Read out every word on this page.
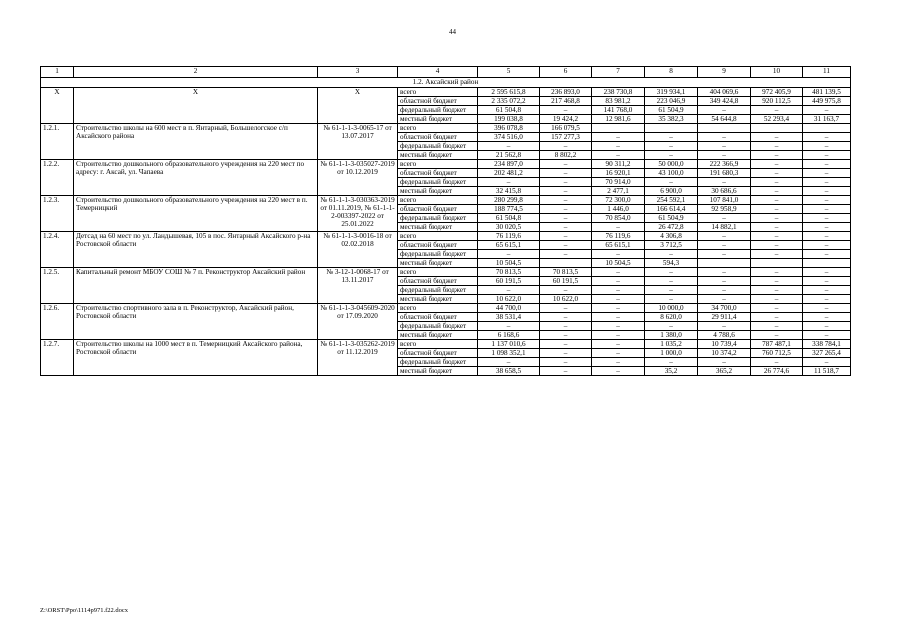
44
1	2	3	4	5	6	7	8	9	10	11
1.2. Аксайский район										
X	X	X	всего	2 595 615,8	236 893,0	238 730,8	319 934,1	404 069,6	972 405,9	481 139,5
			областной бюджет	2 335 072,2	217 468,8	83 981,2	223 046,9	349 424,8	920 112,5	449 975,8
			федеральный бюджет	61 504,8	–	141 768,0	61 504,9	–	–	–
			местный бюджет	199 038,8	19 424,2	12 981,6	35 382,3	54 644,8	52 293,4	31 163,7
1.2.1.	Строительство школы на 600 мест в п. Янтарный, Большелогское с/п Аксайского района	№ 61-1-1-3-0065-17 от 13.07.2017	всего	396 078,8	166 079,5					
			областной бюджет	374 516,0	157 277,3	–	–	–	–	–
			федеральный бюджет	–	–	–	–	–	–	–
			местный бюджет	21 562,8	8 802,2	–	–	–	–	–
1.2.2.	Строительство дошкольного образовательного учреждения на 220 мест по адресу: г. Аксай, ул. Чапаева	№ 61-1-1-3-035027-2019 от 10.12.2019	всего	234 897,0	–	90 311,2	50 000,0	222 366,9	–	–
			областной бюджет	202 481,2	–	16 920,1	43 100,0	191 680,3	–	–
			федеральный бюджет	–	–	70 914,0	–	–	–	–
			местный бюджет	32 415,8	–	2 477,1	6 900,0	30 686,6	–	–
1.2.3.	Строительство дошкольного образовательного учреждения на 220 мест в п. Темерницкий	№ 61-1-1-3-030363-2019 от 01.11.2019, № 61-1-1-2-003397-2022 от 25.01.2022	всего	280 299,8	–	72 300,0	254 592,1	107 841,0	–	–
			областной бюджет	188 774,5	–	1 446,0	166 614,4	92 958,9	–	–
			федеральный бюджет	61 504,8	–	70 854,0	61 504,9	–	–	–
			местный бюджет	30 020,5	–	–	26 472,8	14 882,1	–	–
1.2.4.	Детсад на 60 мест по ул. Ландышевая, 105 в пос. Янтарный Аксайского р-на Ростовской области	№ 61-1-1-3-0016-18 от 02.02.2018	всего	76 119,6	–	76 119,6	4 306,8	–	–	–
			областной бюджет	65 615,1	–	65 615,1	3 712,5	–	–	–
			федеральный бюджет	–	–	–	–	–	–	–
			местный бюджет	10 504,5		10 504,5	594,3			
1.2.5.	Капитальный ремонт МБОУ СОШ № 7 п. Реконструктор Аксайский район	№ 3-12-1-0068-17 от 13.11.2017	всего	70 813,5	70 813,5	–	–	–	–	–
			областной бюджет	60 191,5	60 191,5	–	–	–	–	–
			федеральный бюджет	–	–	–	–	–	–	–
			местный бюджет	10 622,0	10 622,0	–	–	–	–	–
1.2.6.	Строительство спортивного зала в п. Реконструктор, Аксайский район, Ростовской области	№ 61-1-1-3-045609-2020 от 17.09.2020	всего	44 700,0	–	–	10 000,0	34 700,0	–	–
			областной бюджет	38 531,4	–	–	8 620,0	29 911,4	–	–
			федеральный бюджет	–	–	–	–	–	–	–
			местный бюджет	6 168,6	–	–	1 380,0	4 788,6	–	–
1.2.7.	Строительство школы на 1000 мест в п. Темерницкий Аксайского района, Ростовской области	№ 61-1-1-3-035262-2019 от 11.12.2019	всего	1 137 010,6	–	–	1 035,2	10 739,4	787 487,1	338 784,1
			областной бюджет	1 098 352,1	–	–	1 000,0	10 374,2	760 712,5	327 265,4
			федеральный бюджет	–	–	–	–	–	–	–
			местный бюджет	38 658,5	–	–	35,2	365,2	26 774,6	11 518,7
Z:\ORST\Ppo\1114p971.f22.docx
